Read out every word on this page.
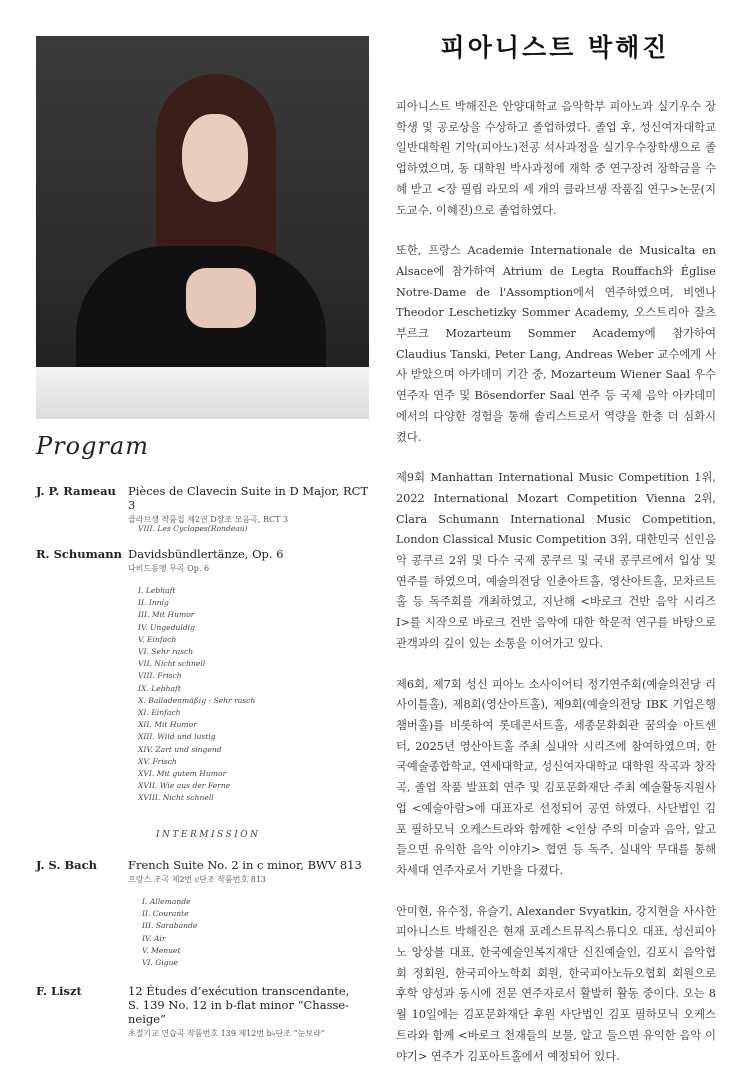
피아니스트 박해진

피아니스트 박해진은 안양대학교 음악학부 피아노과 실기우수 장학생 및 공로상을 수상하고 졸업하였다. 졸업 후, 성신여자대학교 일반대학원 기악(피아노)전공 석사과정을 실기우수장학생으로 졸업하였으며, 동 대학원 박사과정에 재학 중 연구장려 장학금을 수혜 받고 <장 필립 라모의 세 개의 클라브생 작품집 연구>논문(지도교수. 이혜진)으로 졸업하였다.

또한, 프랑스 Academie Internationale de Musicalta en Alsace에 참가하여 Atrium de Legta Rouffach와 Église Notre-Dame de l'Assomption에서 연주하였으며, 비엔나 Theodor Leschetizky Sommer Academy, 오스트리아 잘츠부르크 Mozarteum Sommer Academy에 참가하여 Claudius Tanski, Peter Lang, Andreas Weber 교수에게 사사 받았으며 아카데미 기간 중, Mozarteum Wiener Saal 우수연주자 연주 및 Bösendorfer Saal 연주 등 국제 음악 아카데미에서의 다양한 경험을 통해 솔리스트로서 역량을 한층 더 심화시켰다.

제9회 Manhattan International Music Competition 1위, 2022 International Mozart Competition Vienna 2위, Clara Schumann International Music Competition, London Classical Music Competition 3위, 대한민국 신인음악 콩쿠르 2위 및 다수 국제 콩쿠르 및 국내 콩쿠르에서 입상 및 연주를 하였으며, 예술의전당 인춘아트홀, 영산아트홀, 모차르트홀 등 독주회를 개최하였고, 지난해 <바로크 건반 음악 시리즈 I>를 시작으로 바로크 건반 음악에 대한 학문적 연구를 바탕으로 관객과의 깊이 있는 소통을 이어가고 있다.

제6회, 제7회 성신 피아노 소사이어티 정기연주회(예술의전당 리사이틀홀), 제8회(영산아트홀), 제9회(예술의전당 IBK 기업은행 챔버홀)를 비롯하여 롯데콘서트홀, 세종문화회관 꿈의숲 아트센터, 2025년 영산아트홀 주최 실내악 시리즈에 참여하였으며, 한국예술종합학교, 연세대학교, 성신여자대학교 대학원 작곡과 창작곡, 졸업 작품 발표회 연주 및 김포문화재단 주최 예술활동지원사업 <예술아람>에 대표자로 선정되어 공연 하였다. 사단법인 김포 필하모닉 오케스트라와 함께한 <인상 주의 미술과 음악, 알고 들으면 유익한 음악 이야기> 협연 등 독주, 실내악 무대를 통해 차세대 연주자로서 기반을 다졌다.

안미현, 유수정, 유슬기, Alexander Svyatkin, 강지현을 사사한 피아니스트 박해진은 현재 포레스트뮤직스튜디오 대표, 성신피아노 앙상블 대표, 한국예술인복지재단 신진예술인, 김포시 음악협회 정회원, 한국피아노학회 회원, 한국피아노듀오협회 회원으로 후학 양성과 동시에 전문 연주자로서 활발히 활동 중이다. 오는 8월 10일에는 김포문화재단 후원 사단법인 김포 필하모닉 오케스트라와 함께 <바로크 천재들의 보물, 알고 들으면 유익한 음악 이야기> 연주가 김포아트홀에서 예정되어 있다.

Program
J. P. Rameau Pièces de Clavecin Suite in D Major, RCT 3
클라브생 작품집 제2권 D장조 모음곡, RCT 3
VIII. Les Cyclopes(Rondeau)
R. Schumann Davidsbündlertänze, Op. 6
다비드동맹 무곡 Op. 6
I. Lebhaft
II. Innig
III. Mit Humor
IV. Ungeduldig
V. Einfach
VI. Sehr rasch
VII. Nicht schnell
VIII. Frisch
IX. Lebhaft
X. Balladenmäßig - Sehr rasch
XI. Einfach
XII. Mit Humor
XIII. Wild und lustig
XIV. Zart und singend
XV. Frisch
XVI. Mit gutem Humor
XVII. Wie aus der Ferne
XVIII. Nicht schnell
INTERMISSION
J. S. Bach	French Suite No. 2 in c minor, BWV 813
프랑스 조곡 제2번 c단조 작품번호 813
I. Allemande
II. Courante
III. Sarabande
IV. Air
V. Menuet
VI. Gigue
F. Liszt	12 Études d’exécution transcendante,
S. 139 No. 12 in b-flat minor “Chasse-neige”
초절기교 연습곡 작품번호 139 제12번 b♭단조 “눈보라”
